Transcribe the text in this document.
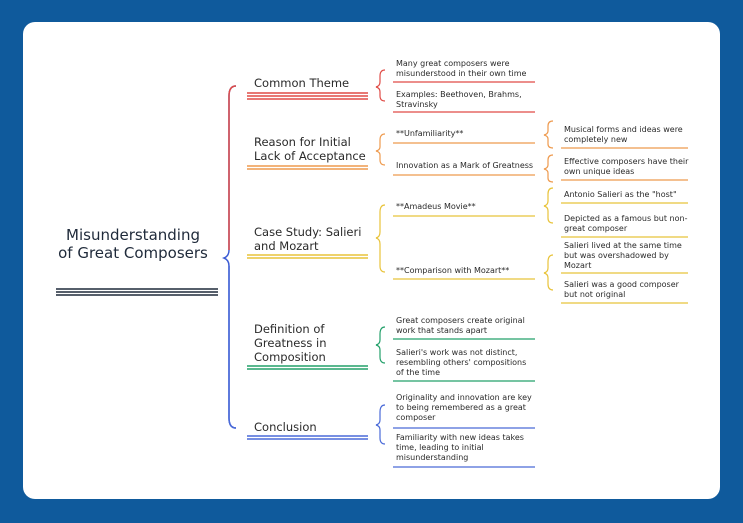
Misunderstanding of Great Composers
Common Theme
Reason for Initial Lack of Acceptance
Case Study: Salieri and Mozart
Definition of Greatness in Composition
Conclusion
Many great composers were misunderstood in their own time
Examples: Beethoven, Brahms, Stravinsky
**Unfamiliarity**
Innovation as a Mark of Greatness
Musical forms and ideas were completely new
Effective composers have their own unique ideas
**Amadeus Movie**
**Comparison with Mozart**
Antonio Salieri as the "host"
Depicted as a famous but non-great composer
Salieri lived at the same time but was overshadowed by Mozart
Salieri was a good composer but not original
Great composers create original work that stands apart
Salieri's work was not distinct, resembling others' compositions of the time
Originality and innovation are key to being remembered as a great composer
Familiarity with new ideas takes time, leading to initial misunderstanding
